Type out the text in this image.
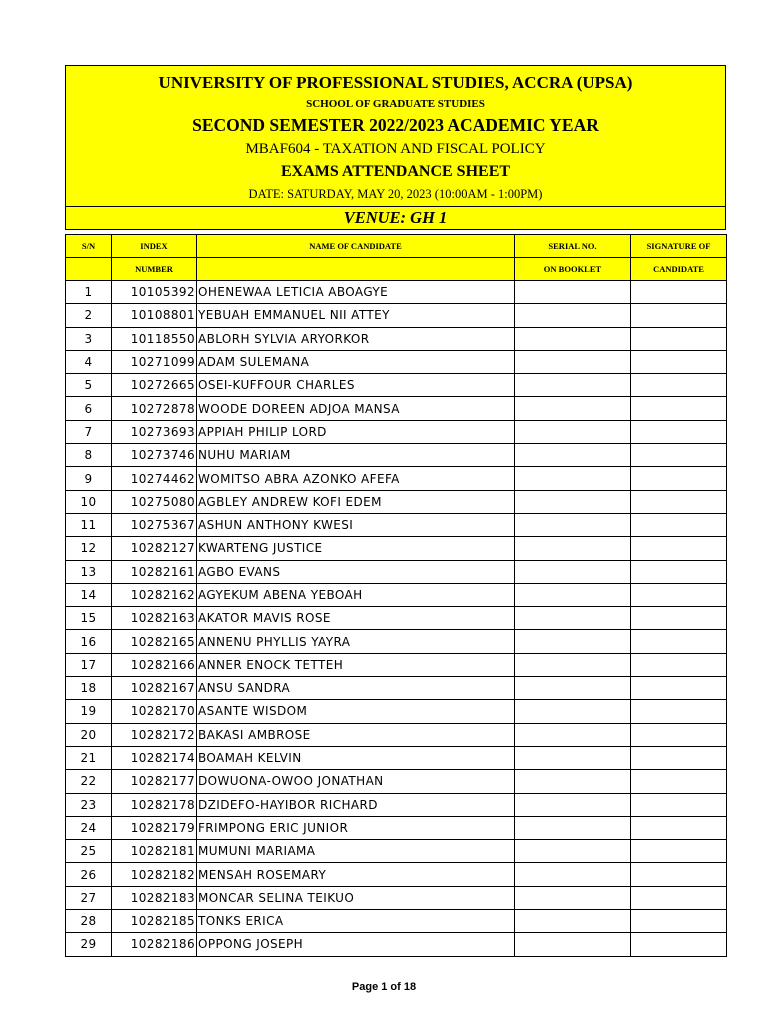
UNIVERSITY OF PROFESSIONAL STUDIES, ACCRA (UPSA)
SCHOOL OF GRADUATE STUDIES
SECOND SEMESTER 2022/2023 ACADEMIC YEAR
MBAF604 - TAXATION AND FISCAL POLICY
EXAMS ATTENDANCE SHEET
DATE: SATURDAY, MAY 20, 2023 (10:00AM - 1:00PM)
VENUE: GH 1
S/N	INDEX	NAME OF CANDIDATE	SERIAL NO.	SIGNATURE OF
	NUMBER		ON BOOKLET	CANDIDATE
1	10105392	OHENEWAA LETICIA ABOAGYE		
2	10108801	YEBUAH EMMANUEL NII ATTEY		
3	10118550	ABLORH SYLVIA ARYORKOR		
4	10271099	ADAM SULEMANA		
5	10272665	OSEI-KUFFOUR CHARLES		
6	10272878	WOODE DOREEN ADJOA MANSA		
7	10273693	APPIAH PHILIP LORD		
8	10273746	NUHU MARIAM		
9	10274462	WOMITSO ABRA AZONKO AFEFA		
10	10275080	AGBLEY ANDREW KOFI EDEM		
11	10275367	ASHUN ANTHONY KWESI		
12	10282127	KWARTENG JUSTICE		
13	10282161	AGBO EVANS		
14	10282162	AGYEKUM ABENA YEBOAH		
15	10282163	AKATOR MAVIS ROSE		
16	10282165	ANNENU PHYLLIS YAYRA		
17	10282166	ANNER ENOCK TETTEH		
18	10282167	ANSU SANDRA		
19	10282170	ASANTE WISDOM		
20	10282172	BAKASI AMBROSE		
21	10282174	BOAMAH KELVIN		
22	10282177	DOWUONA-OWOO JONATHAN		
23	10282178	DZIDEFO-HAYIBOR RICHARD		
24	10282179	FRIMPONG ERIC JUNIOR		
25	10282181	MUMUNI MARIAMA		
26	10282182	MENSAH ROSEMARY		
27	10282183	MONCAR SELINA TEIKUO		
28	10282185	TONKS ERICA		
29	10282186	OPPONG JOSEPH		
Page 1 of 18
